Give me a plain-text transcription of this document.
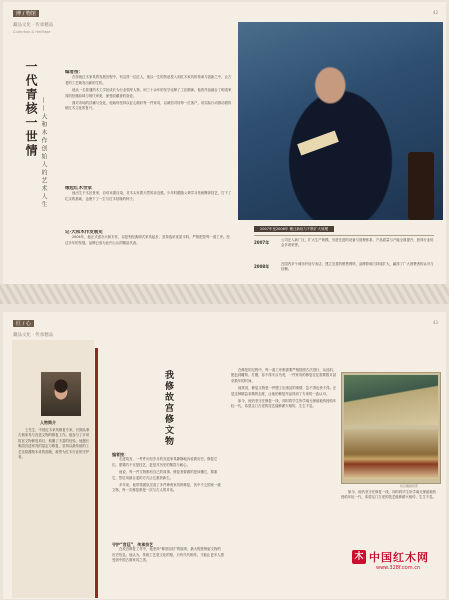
博 / 物馆
藏品文化 · 传承精品
Collection & Heritage
42
一代青核一世情 ——大和木作创始人的艺术人生
编者按：

在传统红木家具的发展历程中，有这样一位匠人，他以一生的热爱投入到红木家具的传承与创新之中，让古老的工艺焕发出新的生机。

他从一名普通的木工学徒成长为行业领军人物，用三十余年的坚守诠释了工匠精神。他的作品融合了明清家具的经典韵味与现代审美，深受收藏者的喜爱。

面对市场的浮躁与变化，他始终坚持以匠心做好每一件家具，以诚信对待每一位客户，用实际行动推动着传统红木文化的复兴。

缘起红木世家

他出生于木匠世家，自幼耳濡目染，对木头有着天然的亲近感。少年时跟随父辈学习传统榫卯技艺，打下了扎实的基础，也埋下了一生与红木结缘的种子。

记·大和木作发展史

2004年，他正式创办大和木作，以复刻经典明式家具起步，坚持选用优质木料，严格把控每一道工序。经过多年的发展，品牌已成为业内公认的精品代表。

2007年至2008年 搬迁新址与不断扩大规模
2007年	公司迁入新厂区，扩大生产规模，引进先进的设备与管理体系，产品质量与产能全面提升，获得行业协会多项荣誉。
2008年	在国内多个城市开设专卖店，建立完善的销售网络，品牌影响力持续扩大，赢得了广大消费者的认可与信赖。
匠 / 心
藏品文化 · 传承精品
43
人物简介

王先生，中国红木家具修复专家，长期从事古典家具与宫廷文物的修复工作。他参与了多项故宫文物修复项目，积累了丰富的经验。他擅长明清宫廷家具的鉴定与修复，坚持以最传统的工艺还原器物本来的面貌，被誉为红木行业的守护者。

我修故宫修文物
编者按：

走进故宫，一件件历经岁月的宫廷家具静静地诉说着历史。修复它们，需要的不仅是技艺，更是对历史的敬畏与耐心。

他说，每一件文物都有自己的故事，修复者要做的是读懂它、尊重它，然后用最合适的方式让它重获新生。

多年来，他带领团队完成了多件珍贵家具的修复，其中不乏国家一级文物，每一次修复都是一次与古人的对话。

守护“宫廷”，传承技艺

在故宫修复工作中，他坚持“修旧如旧”的原则，最大程度保留文物的历史信息。他认为，传统工艺是文化的根，只有代代相传，才能让更多人感受到中国古典家具之美。

在修复的过程中，每一道工序都需要严格按照古法进行，从选料、配色到雕刻、打磨，容不得半点马虎，一件家具的修复往往需要数月甚至数年的时间。

他常说，修复文物是一件慢工出细活的事情，急不得也快不得。正是这种精益求精的态度，让他的修复作品得到了专家的一致认可。

如今，他仍坚守在修复一线，同时将毕生所学毫无保留地传授给年轻一代，希望这门古老的技艺能够薪火相传，生生不息。

故宫藏画局部

如今，他仍坚守在修复一线，同时将毕生所学毫无保留地传授给年轻一代，希望这门古老的技艺能够薪火相传，生生不息。

木 中国红木网
www.328f.com.cn
